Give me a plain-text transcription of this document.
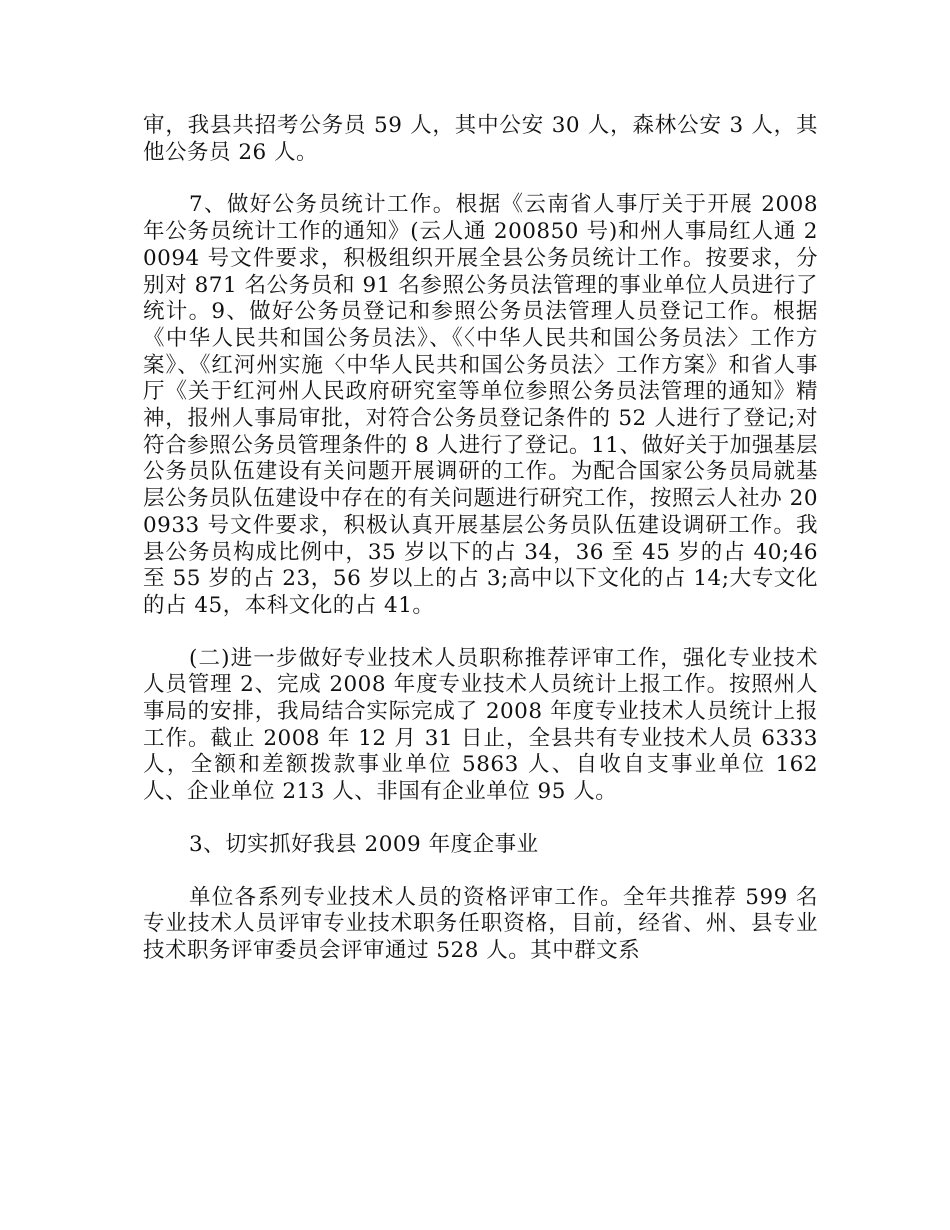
审，我县共招考公务员 59 人，其中公安 30 人，森林公安 3 人，其他公务员 26 人。

7、做好公务员统计工作。根据《云南省人事厅关于开展 2008 年公务员统计工作的通知》(云人通 200850 号)和州人事局红人通 20094 号文件要求，积极组织开展全县公务员统计工作。按要求，分别对 871 名公务员和 91 名参照公务员法管理的事业单位人员进行了统计。9、做好公务员登记和参照公务员法管理人员登记工作。根据《中华人民共和国公务员法》、《〈中华人民共和国公务员法〉工作方案》、《红河州实施〈中华人民共和国公务员法〉工作方案》和省人事厅《关于红河州人民政府研究室等单位参照公务员法管理的通知》精神，报州人事局审批，对符合公务员登记条件的 52 人进行了登记;对符合参照公务员管理条件的 8 人进行了登记。11、做好关于加强基层公务员队伍建设有关问题开展调研的工作。为配合国家公务员局就基层公务员队伍建设中存在的有关问题进行研究工作，按照云人社办 200933 号文件要求，积极认真开展基层公务员队伍建设调研工作。我县公务员构成比例中，35 岁以下的占 34，36 至 45 岁的占 40;46 至 55 岁的占 23，56 岁以上的占 3;高中以下文化的占 14;大专文化的占 45，本科文化的占 41。

(二)进一步做好专业技术人员职称推荐评审工作，强化专业技术人员管理 2、完成 2008 年度专业技术人员统计上报工作。按照州人事局的安排，我局结合实际完成了 2008 年度专业技术人员统计上报工作。截止 2008 年 12 月 31 日止，全县共有专业技术人员 6333 人，全额和差额拨款事业单位 5863 人、自收自支事业单位 162 人、企业单位 213 人、非国有企业单位 95 人。

3、切实抓好我县 2009 年度企事业

单位各系列专业技术人员的资格评审工作。全年共推荐 599 名专业技术人员评审专业技术职务任职资格，目前，经省、州、县专业技术职务评审委员会评审通过 528 人。其中群文系
